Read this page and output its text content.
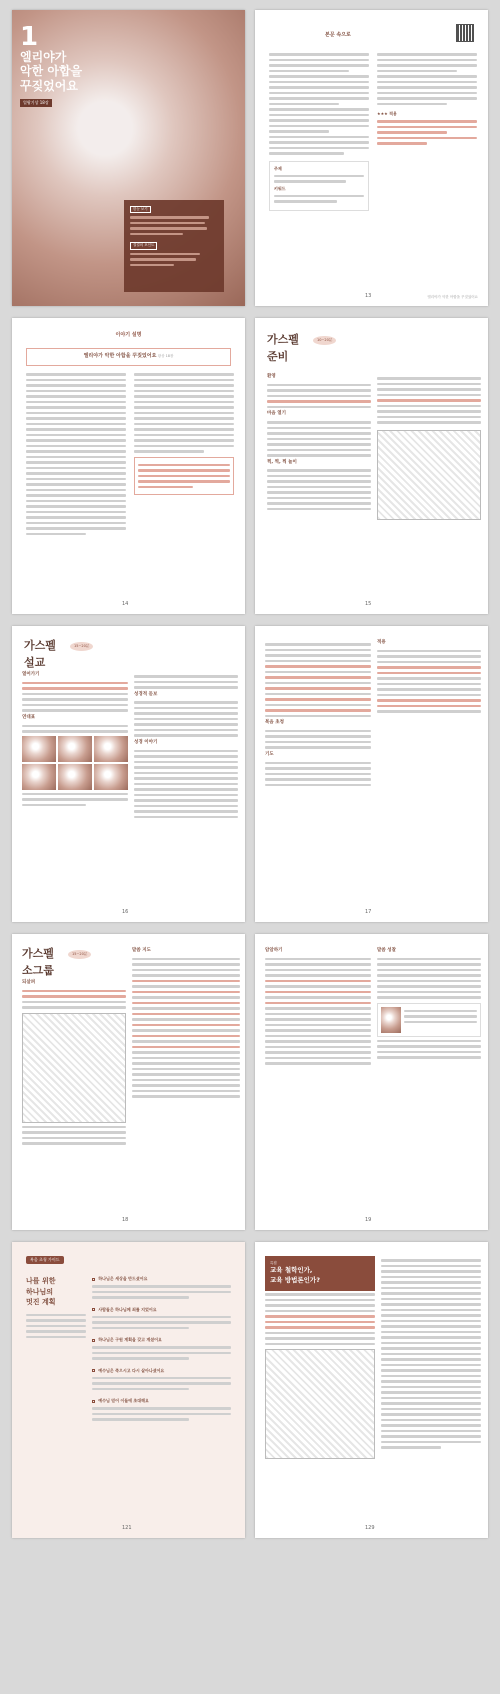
1
엘리야가
악한 아합을
꾸짖었어요
열왕기상 18장
한눈 보기
결결의 포인트
본문 속으로
주제
키워드
★★★ 적용
13	엘리야가 악한 아합을 꾸짖었어요
이야기 설명
엘리야가 악한 아합을 꾸짖었어요 왕상 18장
14
가스펠
준비
10~20분
환영
마음 열기
찍, 찍, 찍 놀이
15
가스펠
설교
15~20분
열어가기
연대표
성경적 돋보
성경 이야기
16
복음 초청
기도
적용
17
가스펠
소그룹
15~20분
되살펴
말씀 지도
18
암암하기	말씀 성찰
19
복음 초청 가이드
나를 위한
하나님의
멋진 계획
하나님은 세상을 만드셨어요
사람들은 하나님께 죄를 지었어요
하나님은 구원 계획을 갖고 계셨어요
예수님은 죽으시고 다시 살아나셨어요
예수님 믿어 이들에 초대해요
121
특집
교육 철학인가,
교육 방법론인가?
129
